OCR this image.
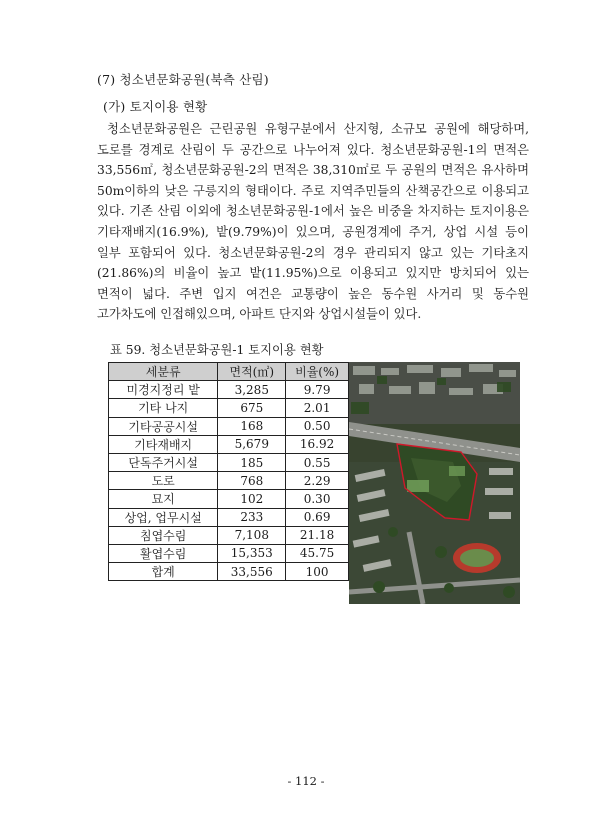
(7) 청소년문화공원(북측 산림)
(가) 토지이용 현황

청소년문화공원은 근린공원 유형구분에서 산지형, 소규모 공원에 해당하며, 도로를 경계로 산림이 두 공간으로 나누어져 있다. 청소년문화공원-1의 면적은 33,556㎡, 청소년문화공원-2의 면적은 38,310㎡로 두 공원의 면적은 유사하며 50m이하의 낮은 구릉지의 형태이다. 주로 지역주민들의 산책공간으로 이용되고 있다. 기존 산림 이외에 청소년문화공원-1에서 높은 비중을 차지하는 토지이용은 기타재배지(16.9%), 밭(9.79%)이 있으며, 공원경계에 주거, 상업 시설 등이 일부 포함되어 있다. 청소년문화공원-2의 경우 관리되지 않고 있는 기타초지(21.86%)의 비율이 높고 밭(11.95%)으로 이용되고 있지만 방치되어 있는 면적이 넓다. 주변 입지 여건은 교통량이 높은 동수원 사거리 및 동수원 고가차도에 인접해있으며, 아파트 단지와 상업시설들이 있다.

표 59. 청소년문화공원-1 토지이용 현황
세분류	면적(㎡)	비율(%)
미경지정리 밭	3,285	9.79
기타 나지	675	2.01
기타공공시설	168	0.50
기타재배지	5,679	16.92
단독주거시설	185	0.55
도로	768	2.29
묘지	102	0.30
상업, 업무시설	233	0.69
침엽수림	7,108	21.18
활엽수림	15,353	45.75
합계	33,556	100
- 112 -
